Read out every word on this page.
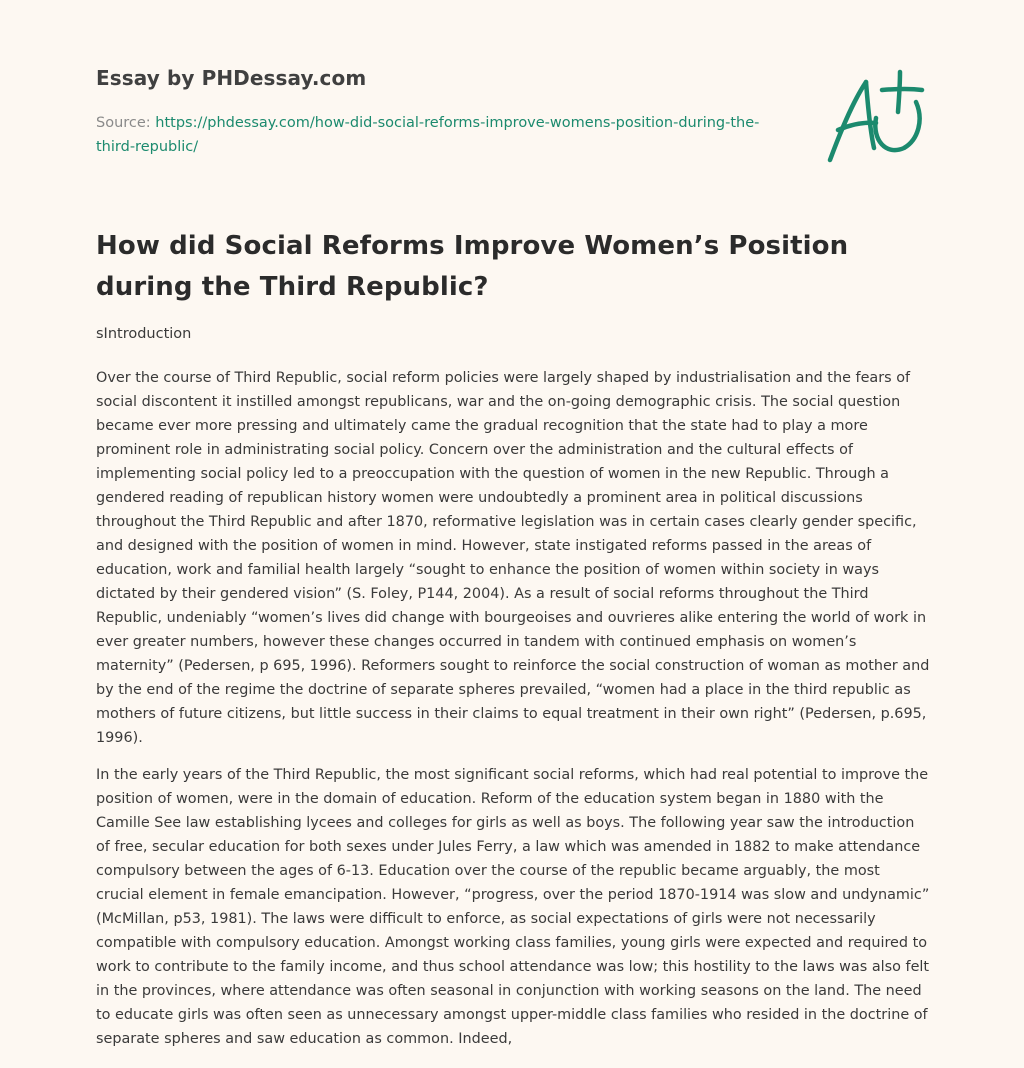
Essay by PHDessay.com

Source: https://phdessay.com/how-did-social-reforms-improve-womens-position-during-the-third-republic/

How did Social Reforms Improve Women’s Position during the Third Republic?

sIntroduction

Over the course of Third Republic, social reform policies were largely shaped by industrialisation and the fears of social discontent it instilled amongst republicans, war and the on-going demographic crisis. The social question became ever more pressing and ultimately came the gradual recognition that the state had to play a more prominent role in administrating social policy. Concern over the administration and the cultural effects of implementing social policy led to a preoccupation with the question of women in the new Republic. Through a gendered reading of republican history women were undoubtedly a prominent area in political discussions throughout the Third Republic and after 1870, reformative legislation was in certain cases clearly gender specific, and designed with the position of women in mind. However, state instigated reforms passed in the areas of education, work and familial health largely “sought to enhance the position of women within society in ways dictated by their gendered vision” (S. Foley, P144, 2004). As a result of social reforms throughout the Third Republic, undeniably “women’s lives did change with bourgeoises and ouvrieres alike entering the world of work in ever greater numbers, however these changes occurred in tandem with continued emphasis on women’s maternity” (Pedersen, p 695, 1996). Reformers sought to reinforce the social construction of woman as mother and by the end of the regime the doctrine of separate spheres prevailed, “women had a place in the third republic as mothers of future citizens, but little success in their claims to equal treatment in their own right” (Pedersen, p.695, 1996).

In the early years of the Third Republic, the most significant social reforms, which had real potential to improve the position of women, were in the domain of education. Reform of the education system began in 1880 with the Camille See law establishing lycees and colleges for girls as well as boys. The following year saw the introduction of free, secular education for both sexes under Jules Ferry, a law which was amended in 1882 to make attendance compulsory between the ages of 6-13. Education over the course of the republic became arguably, the most crucial element in female emancipation. However, “progress, over the period 1870-1914 was slow and undynamic” (McMillan, p53, 1981). The laws were difficult to enforce, as social expectations of girls were not necessarily compatible with compulsory education. Amongst working class families, young girls were expected and required to work to contribute to the family income, and thus school attendance was low; this hostility to the laws was also felt in the provinces, where attendance was often seasonal in conjunction with working seasons on the land. The need to educate girls was often seen as unnecessary amongst upper-middle class families who resided in the doctrine of separate spheres and saw education as common. Indeed,
